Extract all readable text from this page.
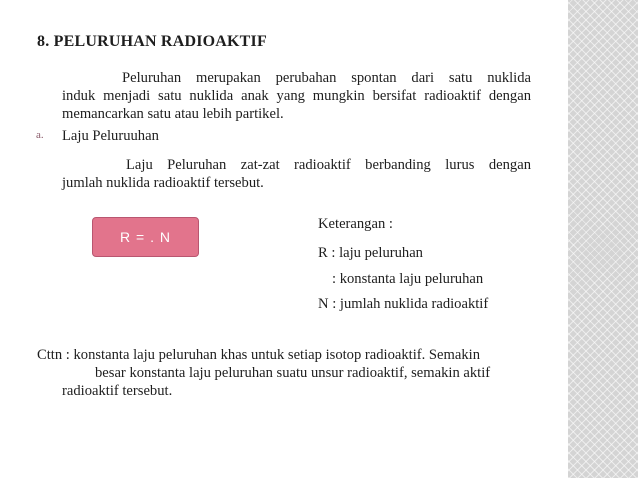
8. PELURUHAN RADIOAKTIF
Peluruhan merupakan perubahan spontan dari satu nuklida
induk menjadi satu nuklida anak yang mungkin bersifat radioaktif dengan
memancarkan satu atau lebih partikel.
a. Laju Peluruuhan
Laju Peluruhan zat-zat radioaktif berbanding lurus dengan
jumlah nuklida radioaktif tersebut.
R = . N
Keterangan :
R : laju peluruhan
: konstanta laju peluruhan
N : jumlah nuklida radioaktif
Cttn : konstanta laju peluruhan khas untuk setiap isotop radioaktif. Semakin
besar konstanta laju peluruhan suatu unsur radioaktif, semakin aktif
radioaktif tersebut.
